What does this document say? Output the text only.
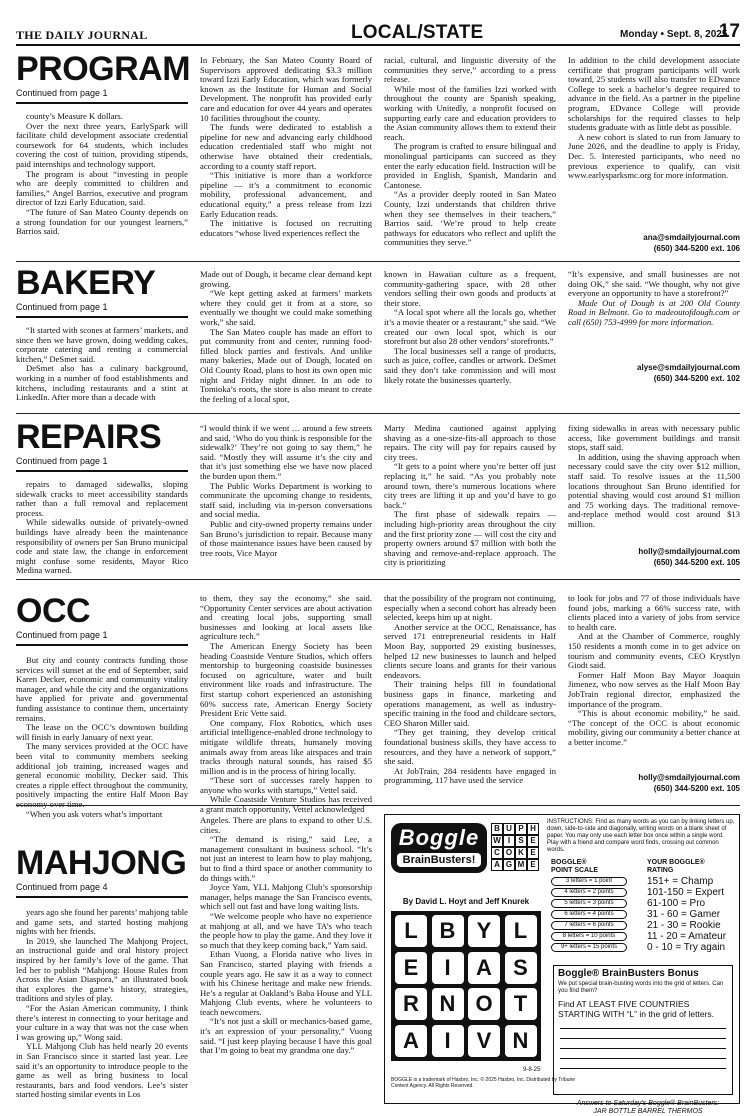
THE DAILY JOURNAL	LOCAL/STATE	Monday • Sept. 8, 2025
17
PROGRAM
Continued from page 1

county’s Measure K dollars.

Over the next three years, EarlySpark will facilitate child development associate credential coursework for 64 students, which includes covering the cost of tuition, providing stipends, paid internships and technology support.

The program is about “investing in people who are deeply committed to children and families,” Angel Barrios, executive and program director of Izzi Early Education, said.

“The future of San Mateo County depends on a strong foundation for our youngest learners,” Barrios said.

In February, the San Mateo County Board of Supervisors approved dedicating $3.3 million toward Izzi Early Education, which was formerly known as the Institute for Human and Social Development. The nonprofit has provided early care and education for over 44 years and operates 10 facilities throughout the county.

The funds were dedicated to establish a pipeline for new and advancing early childhood education credentialed staff who might not otherwise have obtained their credentials, according to a county staff report.

“This initiative is more than a workforce pipeline — it’s a commitment to economic mobility, professional advancement, and educational equity,” a press release from Izzi Early Education reads.

The initiative is focused on recruiting educators “whose lived experiences reflect the

racial, cultural, and linguistic diversity of the communities they serve,” according to a press release.

While most of the families Izzi worked with throughout the county are Spanish speaking, working with Unitedly, a nonprofit focused on supporting early care and education providers to the Asian community allows them to extend their reach.

The program is crafted to ensure bilingual and monolingual participants can succeed as they enter the early education field. Instruction will be provided in English, Spanish, Mandarin and Cantonese.

“As a provider deeply rooted in San Mateo County, Izzi understands that children thrive when they see themselves in their teachers,” Barrios said. ‘We’re proud to help create pathways for educators who reflect and uplift the communities they serve.”

In addition to the child development associate certificate that program participants will work toward, 25 students will also transfer to EDvance College to seek a bachelor’s degree required to advance in the field. As a partner in the pipeline program, EDvance College will provide scholarships for the required classes to help students graduate with as little debt as possible.

A new cohort is slated to run from January to June 2026, and the deadline to apply is Friday, Dec. 5. Interested participants, who need no previous experience to qualify, can visit www.earlysparksmc.org for more information.

ana@smdailyjournal.com
(650) 344-5200 ext. 106
BAKERY
Continued from page 1

“It started with scones at farmers’ markets, and since then we have grown, doing wedding cakes, corporate catering and renting a commercial kitchen,” DeSmet said.

DeSmet also has a culinary background, working in a number of food establishments and kitchens, including restaurants and a stint at LinkedIn. After more than a decade with

Made out of Dough, it became clear demand kept growing.

“We kept getting asked at farmers’ markets where they could get it from at a store, so eventually we thought we could make something work,” she said.

The San Mateo couple has made an effort to put community front and center, running food-filled block parties and festivals. And unlike many bakeries, Made out of Dough, located on Old County Road, plans to host its own open mic night and Friday night dinner. In an ode to Tomioka’s roots, the store is also meant to create the feeling of a local spot,

known in Hawaiian culture as a frequent, community-gathering space, with 28 other vendors selling their own goods and products at their store.

“A local spot where all the locals go, whether it’s a movie theater or a restaurant,” she said. “We created our own local spot, which is our storefront but also 28 other vendors’ storefronts.”

The local businesses sell a range of products, such as juice, coffee, candles or artwork. DeSmet said they don’t take commission and will most likely rotate the businesses quarterly.

“It’s expensive, and small businesses are not doing OK,” she said. “We thought, why not give everyone an opportunity to have a storefront?”

Made Out of Dough is at 200 Old County Road in Belmont. Go to madeoutofdough.com or call (650) 753-4999 for more information.

alyse@smdailyjournal.com
(650) 344-5200 ext. 102
REPAIRS
Continued from page 1

repairs to damaged sidewalks, sloping sidewalk cracks to meet accessibility standards rather than a full removal and replacement process.

While sidewalks outside of privately-owned buildings have already been the maintenance responsibility of owners per San Bruno municipal code and state law, the change in enforcement might confuse some residents, Mayor Rico Medina warned.

“I would think if we went … around a few streets and said, ‘Who do you think is responsible for the sidewalk?’ They’re not going to say them,” he said. “Mostly they will assume it’s the city and that it’s just something else we have now placed the burden upon them.”

The Public Works Department is working to communicate the upcoming change to residents, staff said, including via in-person conversations and social media.

Public and city-owned property remains under San Bruno’s jurisdiction to repair. Because many of those maintenance issues have been caused by tree roots, Vice Mayor

Marty Medina cautioned against applying shaving as a one-size-fits-all approach to those repairs. The city will pay for repairs caused by city trees.

“It gets to a point where you’re better off just replacing it,” he said. “As you probably note around town, there’s numerous locations where city trees are lifting it up and you’d have to go back.”

The first phase of sidewalk repairs — including high-priority areas throughout the city and the first priority zone — will cost the city and property owners around $7 million with both the shaving and remove-and-replace approach. The city is prioritizing

fixing sidewalks in areas with necessary public access, like government buildings and transit stops, staff said.

In addition, using the shaving approach when necessary could save the city over $12 million, staff said. To resolve issues at the 11,500 locations throughout San Bruno identified for potential shaving would cost around $1 million and 75 working days. The traditional remove-and-replace method would cost around $13 million.

holly@smdailyjournal.com
(650) 344-5200 ext. 105
OCC
Continued from page 1

But city and county contracts funding those services will sunset at the end of September, said Karen Decker, economic and community vitality manager, and while the city and the organizations have applied for private and governmental funding assistance to continue them, uncertainty remains.

The lease on the OCC’s downtown building will finish in early January of next year.

The many services provided at the OCC have been vital to community members seeking additional job training, increased wages and general economic mobility, Decker said. This creates a ripple effect throughout the community, positively impacting the entire Half Moon Bay economy over time.

“When you ask voters what’s important

to them, they say the economy,” she said. “Opportunity Center services are about activation and creating local jobs, supporting small businesses and looking at local assets like agriculture tech.”

The American Energy Society has been heading Coastside Venture Studios, which offers mentorship to burgeoning coastside businesses focused on agriculture, water and built environment like roads and infrastructure. The first startup cohort experienced an astonishing 60% success rate, American Energy Society President Eric Vette said.

One company, Flox Robotics, which uses artificial intelligence-enabled drone technology to mitigate wildlife threats, humanely moving animals away from areas like airspaces and train tracks through natural sounds, has raised $5 million and is in the process of hiring locally.

“These sort of successes rarely happen to anyone who works with startups,” Vettel said.

While Coastside Venture Studios has received a grant match opportunity, Vettel acknowledged

that the possibility of the program not continuing, especially when a second cohort has already been selected, keeps him up at night.

Another service at the OCC, Renaissance, has served 171 entrepreneurial residents in Half Moon Bay, supported 29 existing businesses, helped 12 new businesses to launch and helped clients secure loans and grants for their various endeavors.

Their training helps fill in foundational business gaps in finance, marketing and operations management, as well as industry-specific training in the food and childcare sectors, CEO Sharon Miller said.

“They get training, they develop critical foundational business skills, they have access to resources, and they have a network of support,” she said.

At JobTrain, 284 residents have engaged in programming, 117 have used the service

to look for jobs and 77 of those individuals have found jobs, marking a 66% success rate, with clients placed into a variety of jobs from service to health care.

And at the Chamber of Commerce, roughly 150 residents a month come in to get advice on tourism and community events, CEO Krystlyn Giodt said.

Former Half Moon Bay Mayor Joaquin Jimenez, who now serves as the Half Moon Bay JobTrain regional director, emphasized the importance of the program.

“This is about economic mobility,” he said. “The concept of the OCC is about economic mobility, giving our community a better chance at a better income.”

holly@smdailyjournal.com
(650) 344-5200 ext. 105
MAHJONG
Continued from page 4

years ago she found her parents’ mahjong table and game sets, and started hosting mahjong nights with her friends.

In 2019, she launched The Mahjong Project, an instructional guide and oral history project inspired by her family’s love of the game. That led her to publish “Mahjong: House Rules from Across the Asian Diaspora,” an illustrated book that explores the game’s history, strategies, traditions and styles of play.

“For the Asian American community, I think there’s interest in connecting to your heritage and your culture in a way that was not the case when I was growing up,” Wong said.

YLL Mahjong Club has held nearly 20 events in San Francisco since it started last year. Lee said it’s an opportunity to introduce people to the game as well as bring business to local restaurants, bars and food vendors. Lee’s sister started hosting similar events in Los

Angeles. There are plans to expand to other U.S. cities.

“The demand is rising,” said Lee, a management consultant in business school. “It’s not just an interest to learn how to play mahjong, but to find a third space or another community to do things with.”

Joyce Yam, YLL Mahjong Club’s sponsorship manager, helps manage the San Francisco events, which sell out fast and have long waiting lists.

“We welcome people who have no experience at mahjong at all, and we have TA’s who teach the people how to play the game. And they love it so much that they keep coming back,” Yam said.

Ethan Vuong, a Florida native who lives in San Francisco, started playing with friends a couple years ago. He saw it as a way to connect with his Chinese heritage and make new friends. He’s a regular at Oakland’s Baba House and YLL Mahjong Club events, where he volunteers to teach newcomers.

“It’s not just a skill or mechanics-based game, it’s an expression of your personality,” Vuong said. “I just keep playing because I have this goal that I’m going to beat my grandma one day.”

Boggle
BrainBusters!
B U P H
W I	S E
C O K E
A G M E
By David L. Hoyt and Jeff Knurek
L B Y	L
E	I	A S
R N O T
A	I	V N
9-8-25
BOGGLE is a trademark of Hasbro, Inc. © 2025 Hasbro, Inc. Distributed by Tribune Content Agency. All Rights Reserved.
INSTRUCTIONS: Find as many words as you can by linking letters up, down, side-to-side and diagonally, writing words on a blank sheet of paper. You may only use each letter box once within a single word. Play with a friend and compare word finds, crossing out common words.
BOGGLE®
POINT SCALE
YOUR BOGGLE®
RATING
3 letters = 1 point
4 letters = 2 points
5 letters = 3 points
6 letters = 4 points
7 letters = 6 points
8 letters = 10 points
9+ letters = 15 points
151+ = Champ
101-150 = Expert
61-100 = Pro
31 - 60 = Gamer
21 - 30 = Rookie
11 - 20 = Amateur
0 - 10 = Try again
Boggle® BrainBusters Bonus
We put special brain-busting words into the grid of letters. Can you find them?
Find AT LEAST FIVE COUNTRIES STARTING WITH “L” in the grid of letters.
Answers to Saturday’s Boggle® BrainBusters:
JAR BOTTLE BARREL THERMOS
